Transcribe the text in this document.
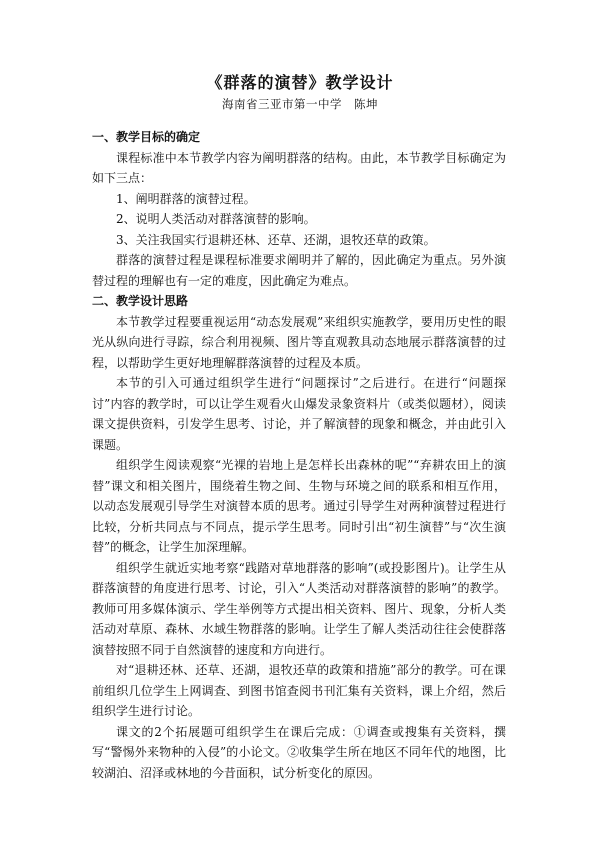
《群落的演替》教学设计
海南省三亚市第一中学　陈坤

一、教学目标的确定

课程标准中本节教学内容为阐明群落的结构。由此，本节教学目标确定为如下三点：

1、阐明群落的演替过程。

2、说明人类活动对群落演替的影响。

3、关注我国实行退耕还林、还草、还湖，退牧还草的政策。

群落的演替过程是课程标准要求阐明并了解的，因此确定为重点。另外演替过程的理解也有一定的难度，因此确定为难点。

二、教学设计思路

本节教学过程要重视运用“动态发展观”来组织实施教学，要用历史性的眼光从纵向进行寻踪，综合利用视频、图片等直观教具动态地展示群落演替的过程，以帮助学生更好地理解群落演替的过程及本质。

本节的引入可通过组织学生进行“问题探讨”之后进行。在进行“问题探讨”内容的教学时，可以让学生观看火山爆发录象资料片（或类似题材），阅读课文提供资料，引发学生思考、讨论，并了解演替的现象和概念，并由此引入课题。

组织学生阅读观察“光裸的岩地上是怎样长出森林的呢”“弃耕农田上的演替”课文和相关图片，围绕着生物之间、生物与环境之间的联系和相互作用，以动态发展观引导学生对演替本质的思考。通过引导学生对两种演替过程进行比较，分析共同点与不同点，提示学生思考。同时引出“初生演替”与“次生演替”的概念，让学生加深理解。

组织学生就近实地考察“践踏对草地群落的影响”(或投影图片)。让学生从群落演替的角度进行思考、讨论，引入“人类活动对群落演替的影响”的教学。教师可用多媒体演示、学生举例等方式提出相关资料、图片、现象，分析人类活动对草原、森林、水域生物群落的影响。让学生了解人类活动往往会使群落演替按照不同于自然演替的速度和方向进行。

对“退耕还林、还草、还湖，退牧还草的政策和措施”部分的教学。可在课前组织几位学生上网调查、到图书馆查阅书刊汇集有关资料，课上介绍，然后组织学生进行讨论。

课文的2个拓展题可组织学生在课后完成：①调查或搜集有关资料，撰写“警惕外来物种的入侵”的小论文。②收集学生所在地区不同年代的地图，比较湖泊、沼泽或林地的今昔面积，试分析变化的原因。
